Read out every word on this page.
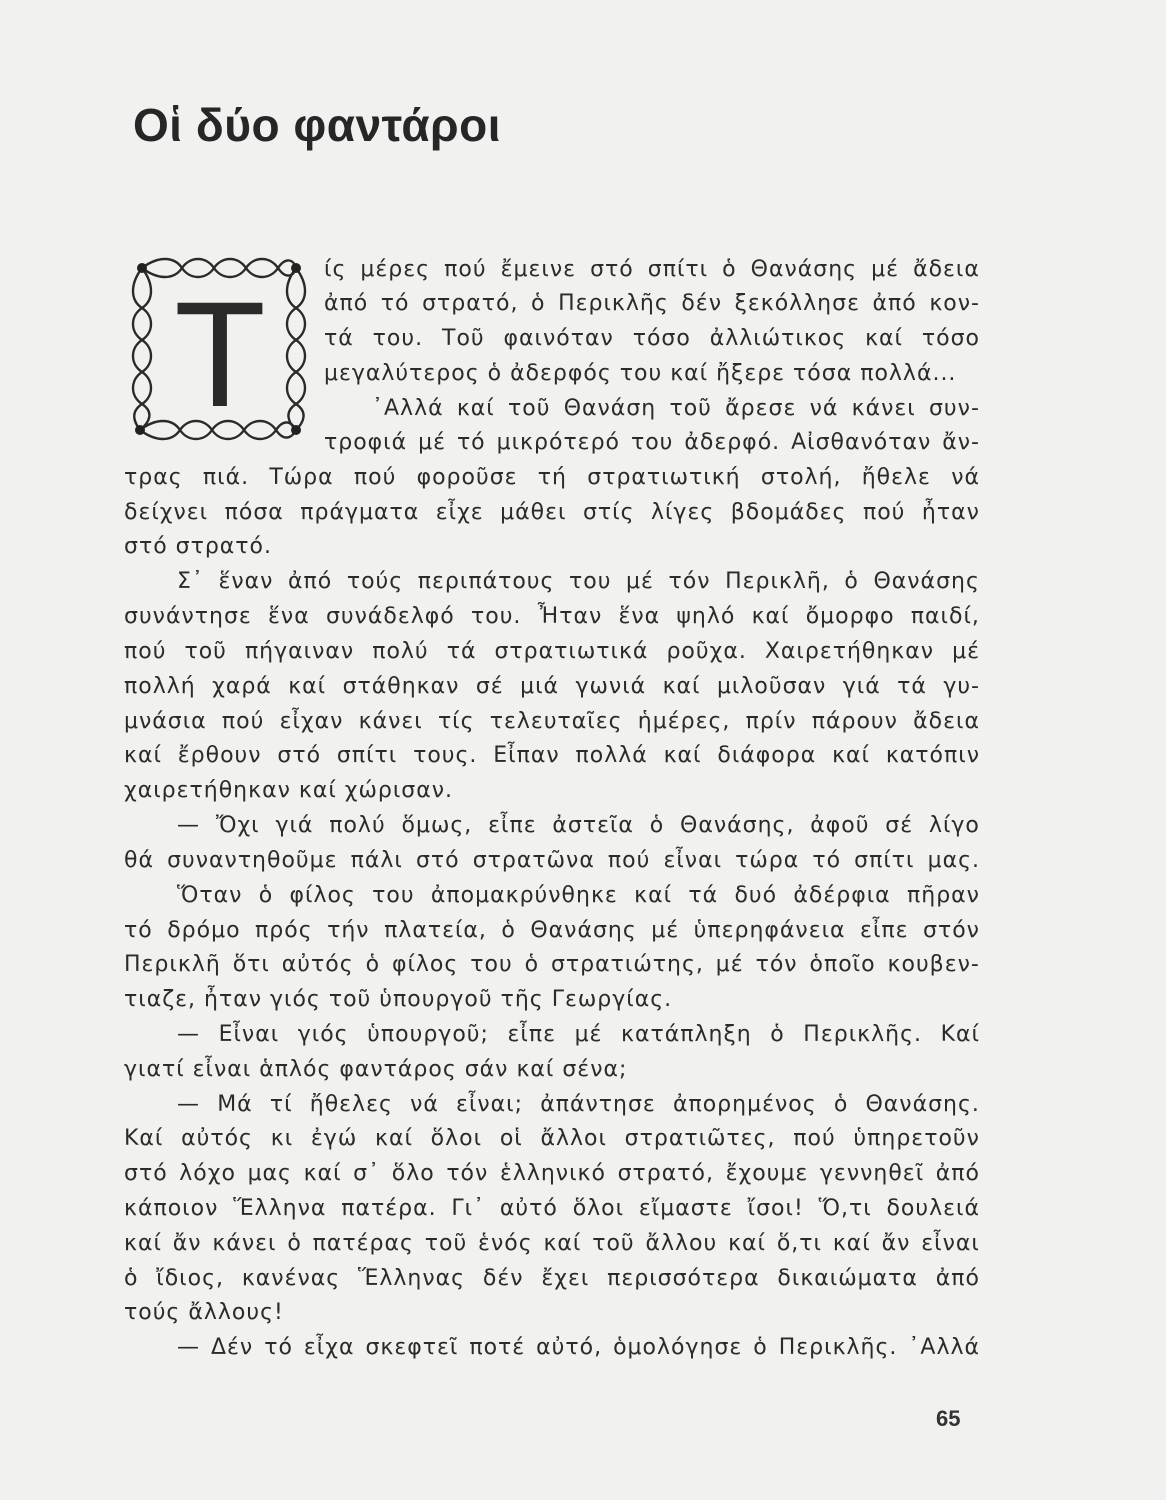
Οἱ δύο φαντάροι
T
ίς μέρες πού ἔμεινε στό σπίτι ὁ Θανάσης μέ ἄδεια
ἀπό τό στρατό, ὁ Περικλῆς δέν ξεκόλλησε ἀπό κον-
τά του. Τοῦ φαινόταν τόσο ἀλλιώτικος καί τόσο
μεγαλύτερος ὁ ἀδερφός του καί ἤξερε τόσα πολλά...
᾿Αλλά καί τοῦ Θανάση τοῦ ἄρεσε νά κάνει συν-
τροφιά μέ τό μικρότερό του ἀδερφό. Αἰσθανόταν ἄν-
τρας πιά. Τώρα πού φοροῦσε τή στρατιωτική στολή, ἤθελε νά
δείχνει πόσα πράγματα εἶχε μάθει στίς λίγες βδομάδες πού ἦταν
στό στρατό.
Σ᾿ ἕναν ἀπό τούς περιπάτους του μέ τόν Περικλῆ, ὁ Θανάσης
συνάντησε ἕνα συνάδελφό του. Ἦταν ἕνα ψηλό καί ὄμορφο παιδί,
πού τοῦ πήγαιναν πολύ τά στρατιωτικά ροῦχα. Χαιρετήθηκαν μέ
πολλή χαρά καί στάθηκαν σέ μιά γωνιά καί μιλοῦσαν γιά τά γυ-
μνάσια πού εἶχαν κάνει τίς τελευταῖες ἡμέρες, πρίν πάρουν ἄδεια
καί ἔρθουν στό σπίτι τους. Εἶπαν πολλά καί διάφορα καί κατόπιν
χαιρετήθηκαν καί χώρισαν.
— Ὄχι γιά πολύ ὅμως, εἶπε ἀστεῖα ὁ Θανάσης, ἀφοῦ σέ λίγο
θά συναντηθοῦμε πάλι στό στρατῶνα πού εἶναι τώρα τό σπίτι μας.
Ὅταν ὁ φίλος του ἀπομακρύνθηκε καί τά δυό ἀδέρφια πῆραν
τό δρόμο πρός τήν πλατεία, ὁ Θανάσης μέ ὑπερηφάνεια εἶπε στόν
Περικλῆ ὅτι αὐτός ὁ φίλος του ὁ στρατιώτης, μέ τόν ὁποῖο κουβεν-
τιαζε, ἦταν γιός τοῦ ὑπουργοῦ τῆς Γεωργίας.
— Εἶναι γιός ὑπουργοῦ; εἶπε μέ κατάπληξη ὁ Περικλῆς. Καί
γιατί εἶναι ἁπλός φαντάρος σάν καί σένα;
— Μά τί ἤθελες νά εἶναι; ἀπάντησε ἀπορημένος ὁ Θανάσης.
Καί αὐτός κι ἐγώ καί ὅλοι οἱ ἄλλοι στρατιῶτες, πού ὑπηρετοῦν
στό λόχο μας καί σ᾿ ὅλο τόν ἑλληνικό στρατό, ἔχουμε γεννηθεῖ ἀπό
κάποιον Ἕλληνα πατέρα. Γι᾿ αὐτό ὅλοι εἴμαστε ἴσοι! Ὅ,τι δουλειά
καί ἄν κάνει ὁ πατέρας τοῦ ἑνός καί τοῦ ἄλλου καί ὅ,τι καί ἄν εἶναι
ὁ ἴδιος, κανένας Ἕλληνας δέν ἔχει περισσότερα δικαιώματα ἀπό
τούς ἄλλους!
— Δέν τό εἶχα σκεφτεῖ ποτέ αὐτό, ὁμολόγησε ὁ Περικλῆς. ᾿Αλλά
65
